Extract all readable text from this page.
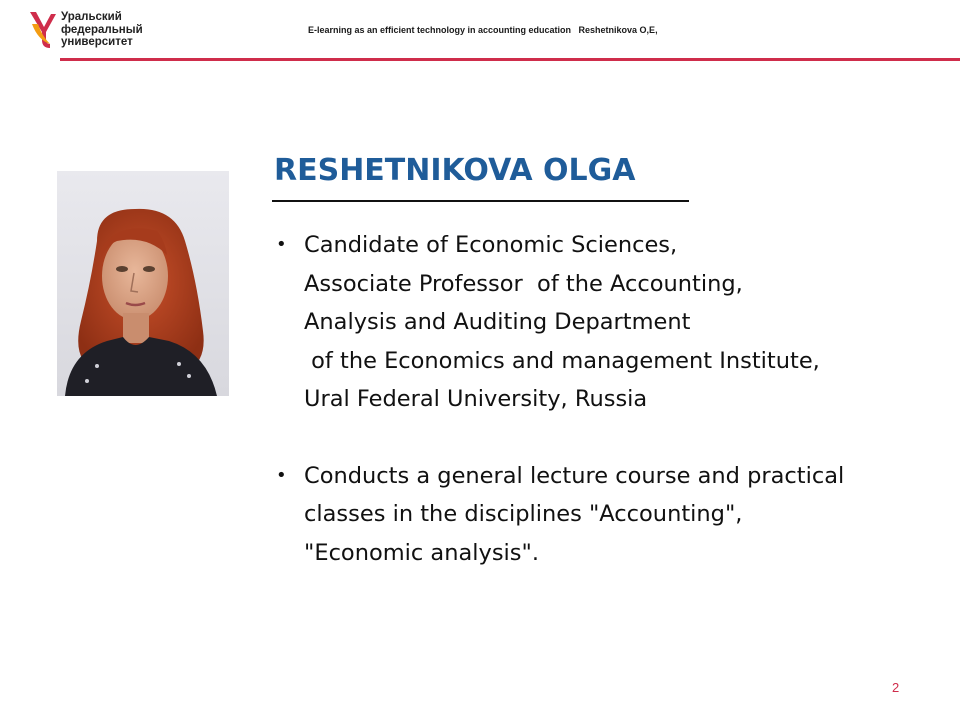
Уральский
федеральный
университет
E-learning as an efficient technology in accounting education   Reshetnikova O,E,
RESHETNIKOVA OLGA
• Candidate of Economic Sciences,
Associate Professor  of the Accounting,
Analysis and Auditing Department
of the Economics and management Institute,
Ural Federal University, Russia
• Conducts a general lecture course and practical
classes in the disciplines "Accounting",
"Economic analysis".
2
